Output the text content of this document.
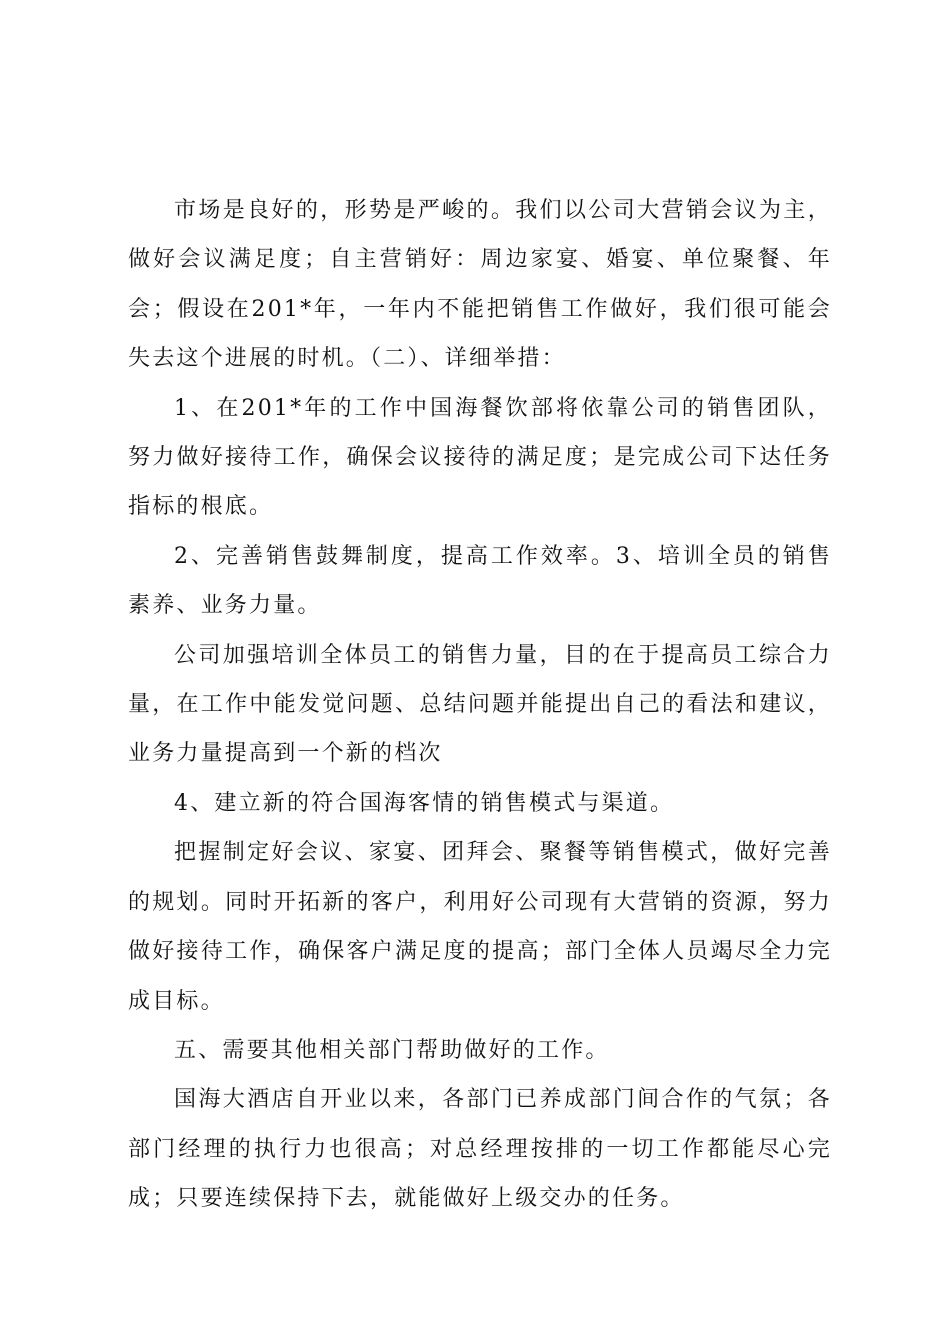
市场是良好的，形势是严峻的。我们以公司大营销会议为主，做好会议满足度；自主营销好：周边家宴、婚宴、单位聚餐、年会；假设在201*年，一年内不能把销售工作做好，我们很可能会失去这个进展的时机。（二）、详细举措：

1、在201*年的工作中国海餐饮部将依靠公司的销售团队，努力做好接待工作，确保会议接待的满足度；是完成公司下达任务指标的根底。

2、完善销售鼓舞制度，提高工作效率。3、培训全员的销售素养、业务力量。

公司加强培训全体员工的销售力量，目的在于提高员工综合力量，在工作中能发觉问题、总结问题并能提出自己的看法和建议，业务力量提高到一个新的档次

4、建立新的符合国海客情的销售模式与渠道。

把握制定好会议、家宴、团拜会、聚餐等销售模式，做好完善的规划。同时开拓新的客户，利用好公司现有大营销的资源，努力做好接待工作，确保客户满足度的提高；部门全体人员竭尽全力完成目标。

五、需要其他相关部门帮助做好的工作。

国海大酒店自开业以来，各部门已养成部门间合作的气氛；各部门经理的执行力也很高；对总经理按排的一切工作都能尽心完成；只要连续保持下去，就能做好上级交办的任务。
